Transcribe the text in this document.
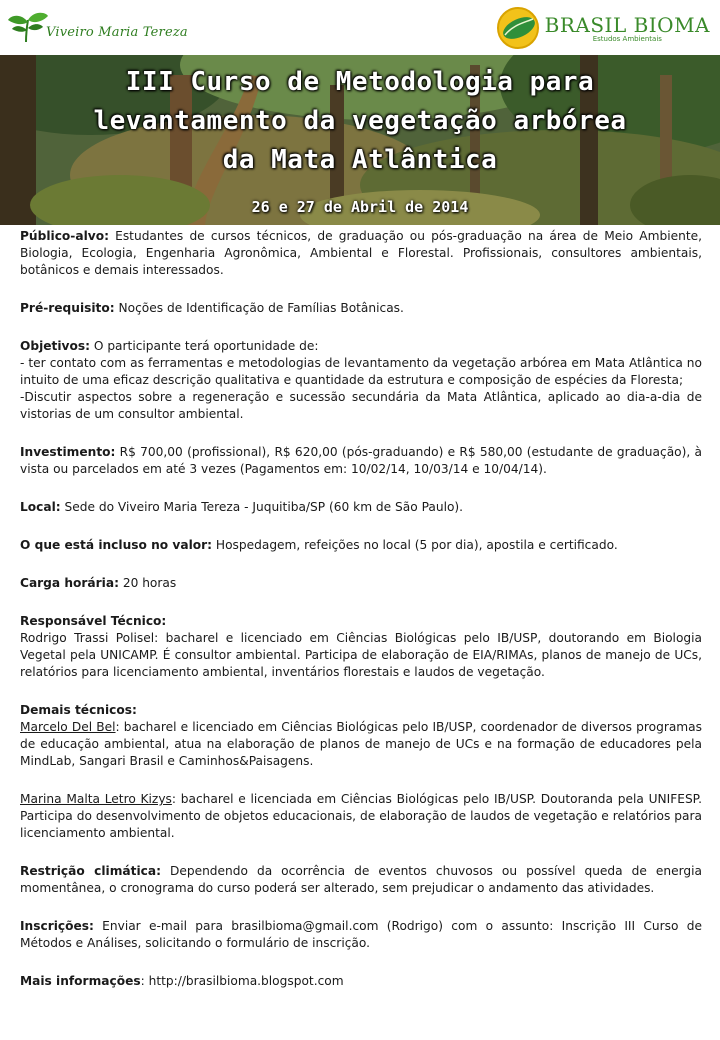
Viveiro Maria Tereza	BRASIL BIOMA
Estudos Ambientais
III Curso de Metodologia para
levantamento da vegetação arbórea
da Mata Atlântica
26 e 27 de Abril de 2014

Público-alvo: Estudantes de cursos técnicos, de graduação ou pós-graduação na área de Meio Ambiente, Biologia, Ecologia, Engenharia Agronômica, Ambiental e Florestal. Profissionais, consultores ambientais, botânicos e demais interessados.

Pré-requisito: Noções de Identificação de Famílias Botânicas.

Objetivos: O participante terá oportunidade de:

- ter contato com as ferramentas e metodologias de levantamento da vegetação arbórea em Mata Atlântica no intuito de uma eficaz descrição qualitativa e quantidade da estrutura e composição de espécies da Floresta;

-Discutir aspectos sobre a regeneração e sucessão secundária da Mata Atlântica, aplicado ao dia-a-dia de vistorias de um consultor ambiental.

Investimento: R$ 700,00 (profissional), R$ 620,00 (pós-graduando) e R$ 580,00 (estudante de graduação), à vista ou parcelados em até 3 vezes (Pagamentos em: 10/02/14, 10/03/14 e 10/04/14).

Local: Sede do Viveiro Maria Tereza - Juquitiba/SP (60 km de São Paulo).

O que está incluso no valor: Hospedagem, refeições no local (5 por dia), apostila e certificado.

Carga horária: 20 horas

Responsável Técnico:

Rodrigo Trassi Polisel: bacharel e licenciado em Ciências Biológicas pelo IB/USP, doutorando em Biologia Vegetal pela UNICAMP. É consultor ambiental. Participa de elaboração de EIA/RIMAs, planos de manejo de UCs, relatórios para licenciamento ambiental, inventários florestais e laudos de vegetação.

Demais técnicos:

Marcelo Del Bel: bacharel e licenciado em Ciências Biológicas pelo IB/USP, coordenador de diversos programas de educação ambiental, atua na elaboração de planos de manejo de UCs e na formação de educadores pela MindLab, Sangari Brasil e Caminhos&Paisagens.

Marina Malta Letro Kizys: bacharel e licenciada em Ciências Biológicas pelo IB/USP. Doutoranda pela UNIFESP. Participa do desenvolvimento de objetos educacionais, de elaboração de laudos de vegetação e relatórios para licenciamento ambiental.

Restrição climática: Dependendo da ocorrência de eventos chuvosos ou possível queda de energia momentânea, o cronograma do curso poderá ser alterado, sem prejudicar o andamento das atividades.

Inscrições: Enviar e-mail para brasilbioma@gmail.com (Rodrigo) com o assunto: Inscrição III Curso de Métodos e Análises, solicitando o formulário de inscrição.

Mais informações: http://brasilbioma.blogspot.com
